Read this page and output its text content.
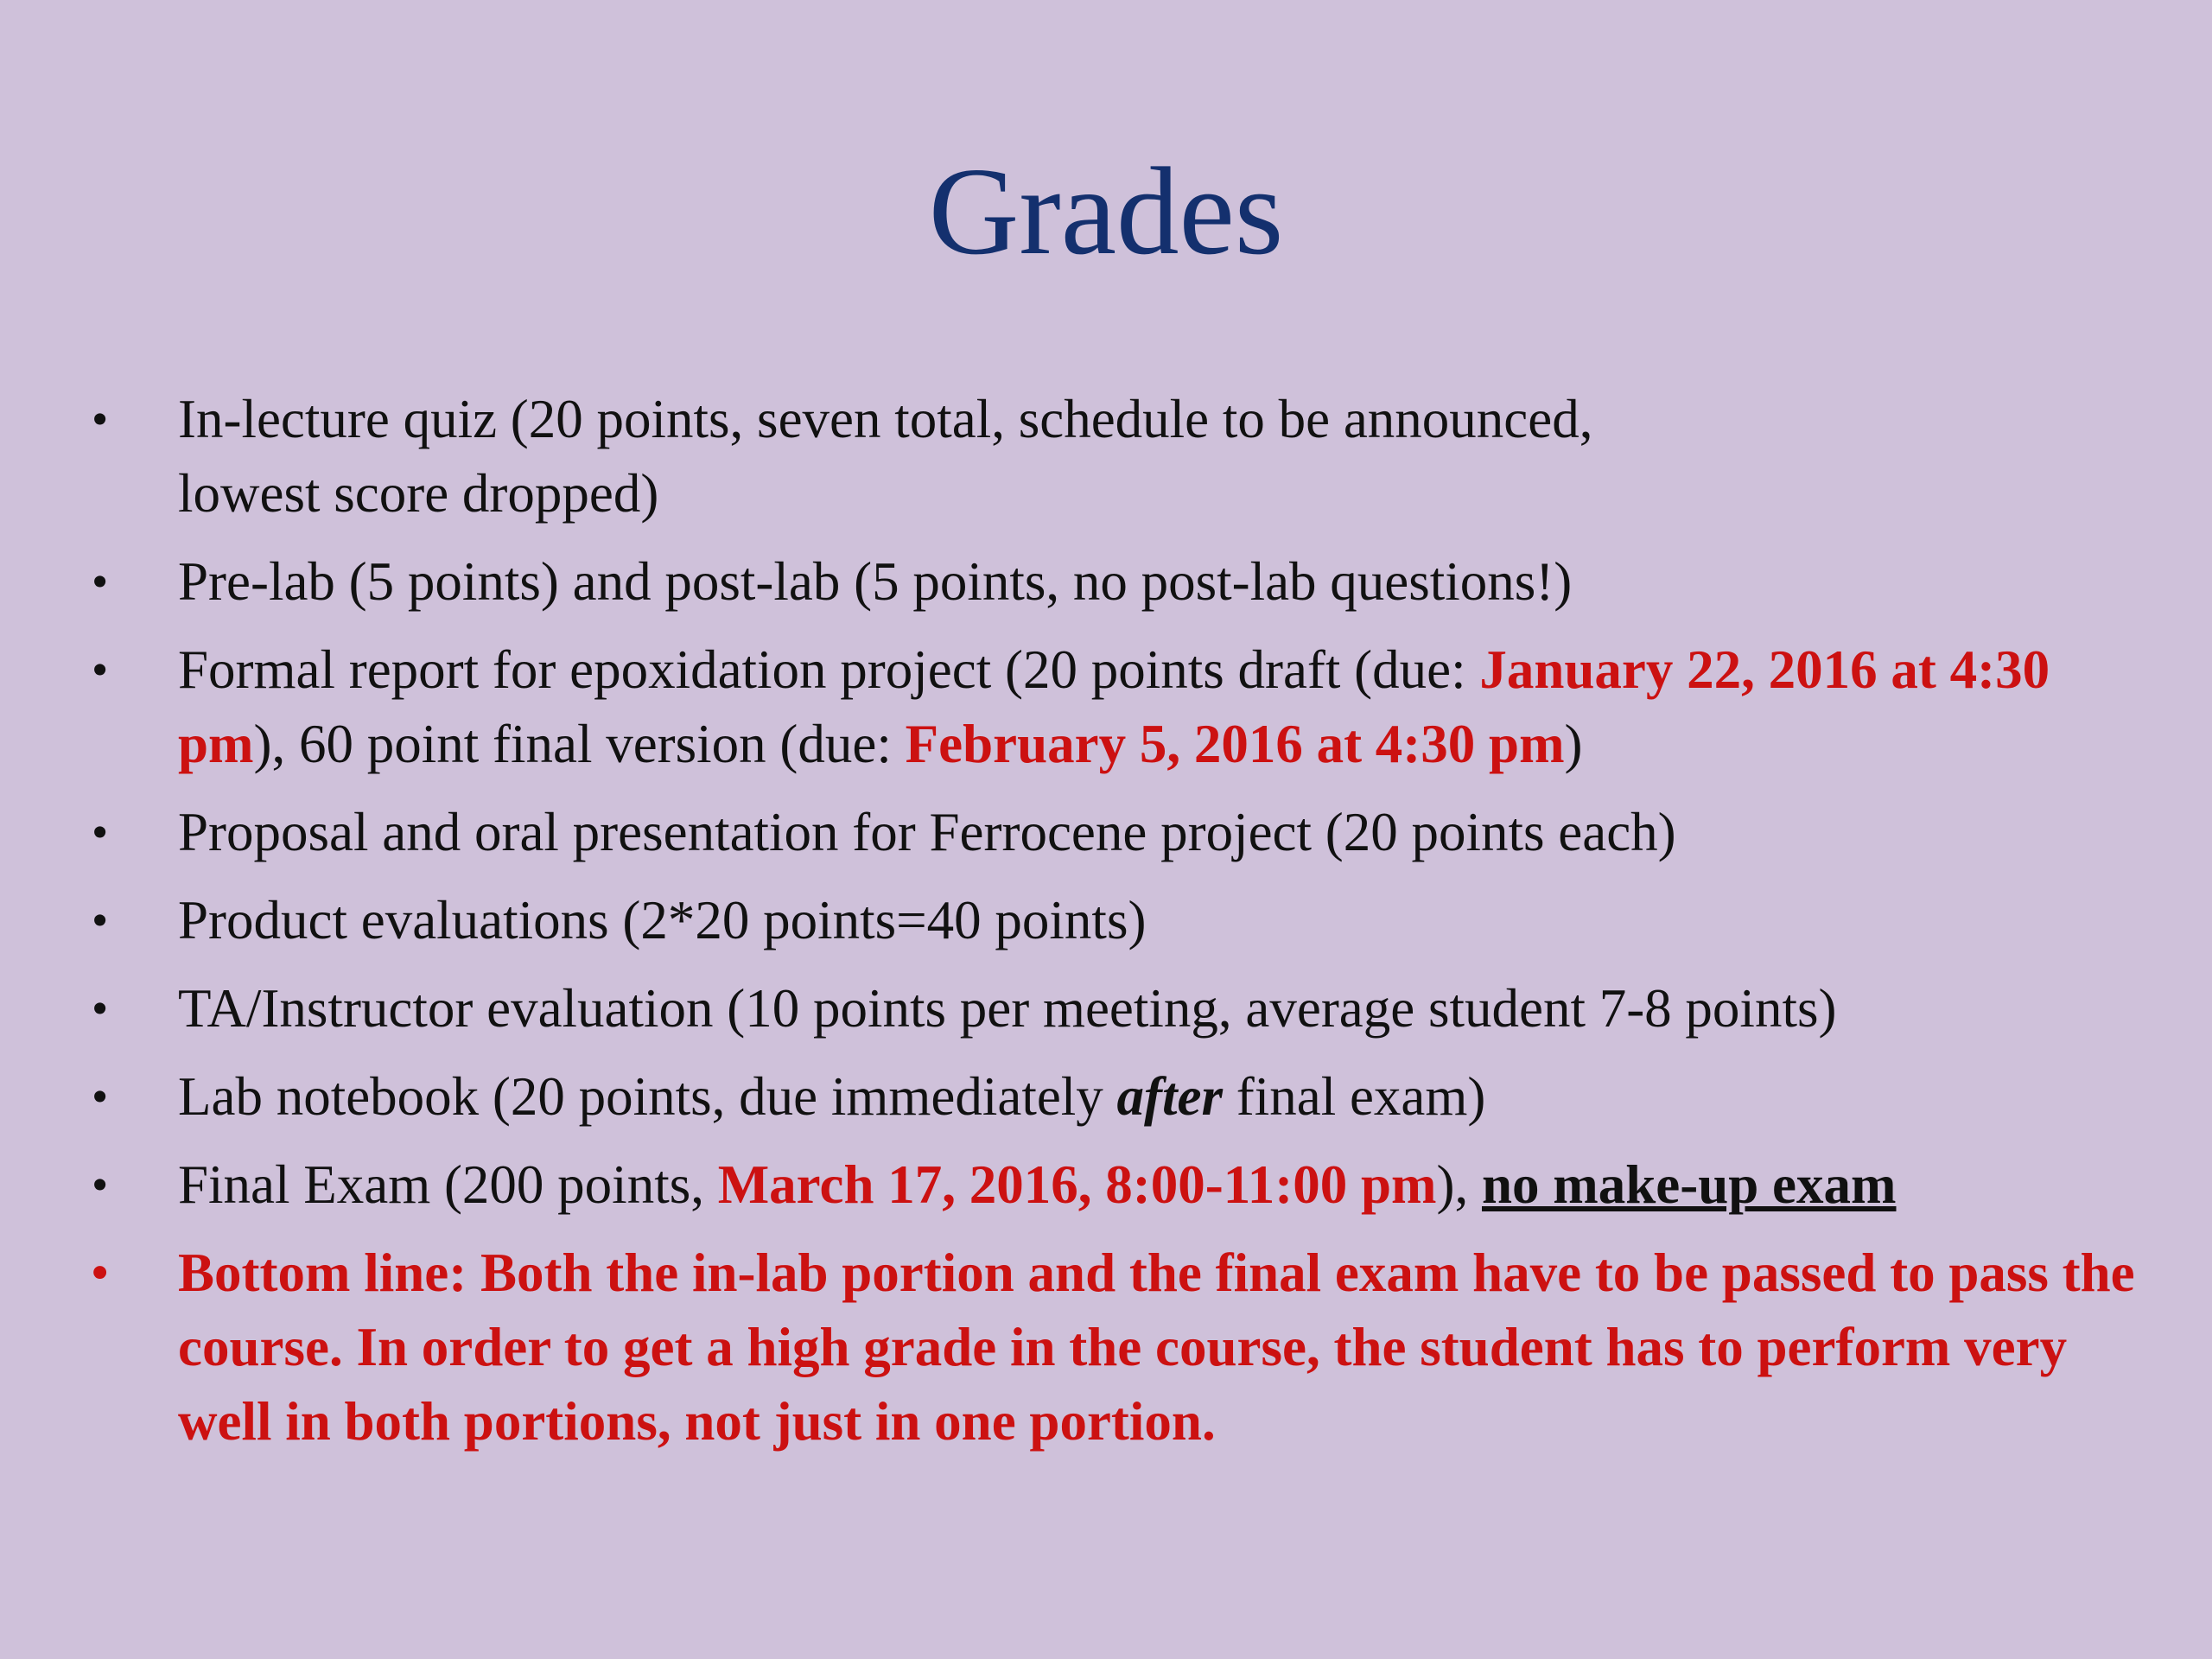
Grades
•	In-lecture quiz (20 points, seven total, schedule to be announced,
lowest score dropped)
•	Pre-lab (5 points) and post-lab (5 points, no post-lab questions!)
•	Formal report for epoxidation project (20 points draft (due: January 22, 2016 at 4:30 pm), 60 point final version (due: February 5, 2016 at 4:30 pm)
•	Proposal and oral presentation for Ferrocene project (20 points each)
•	Product evaluations (2*20 points=40 points)
•	TA/Instructor evaluation (10 points per meeting, average student 7-8 points)
•	Lab notebook (20 points, due immediately after final exam)
•	Final Exam (200 points, March 17, 2016, 8:00-11:00 pm), no make-up exam
•	Bottom line: Both the in-lab portion and the final exam have to be passed to pass the course. In order to get a high grade in the course, the student has to perform very well in both portions, not just in one portion.
